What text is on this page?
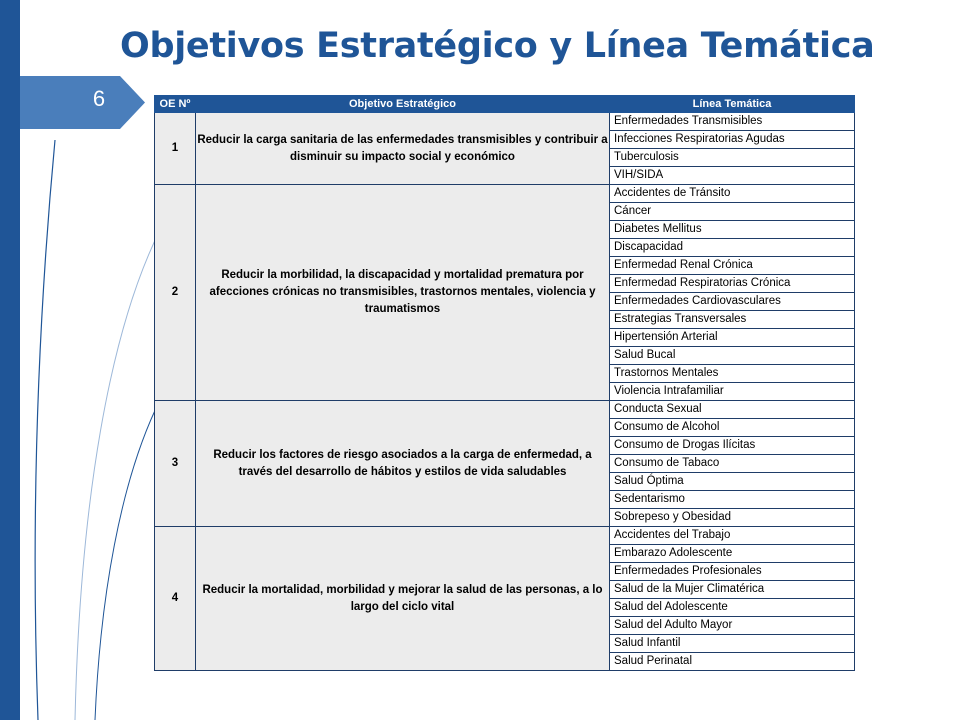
Objetivos Estratégico y Línea Temática
6	OE Nº	Objetivo Estratégico	Línea Temática
1	Reducir la carga sanitaria de las enfermedades transmisibles y contribuir a disminuir su impacto social y económico	Enfermedades Transmisibles
		Infecciones Respiratorias Agudas
		Tuberculosis
		VIH/SIDA
2	Reducir la morbilidad, la discapacidad y mortalidad prematura por afecciones crónicas no transmisibles, trastornos mentales, violencia y traumatismos	Accidentes de Tránsito
		Cáncer
		Diabetes Mellitus
		Discapacidad
		Enfermedad Renal Crónica
		Enfermedad Respiratorias Crónica
		Enfermedades Cardiovasculares
		Estrategias Transversales
		Hipertensión Arterial
		Salud Bucal
		Trastornos Mentales
		Violencia Intrafamiliar
3	Reducir los factores de riesgo asociados a la carga de enfermedad, a través del desarrollo de hábitos y estilos de vida saludables	Conducta Sexual
		Consumo de Alcohol
		Consumo de Drogas Ilícitas
		Consumo de Tabaco
		Salud Óptima
		Sedentarismo
		Sobrepeso y Obesidad
4	Reducir la mortalidad, morbilidad y mejorar la salud de las personas, a lo largo del ciclo vital	Accidentes del Trabajo
		Embarazo Adolescente
		Enfermedades Profesionales
		Salud de la Mujer Climatérica
		Salud del Adolescente
		Salud del Adulto Mayor
		Salud Infantil
		Salud Perinatal
